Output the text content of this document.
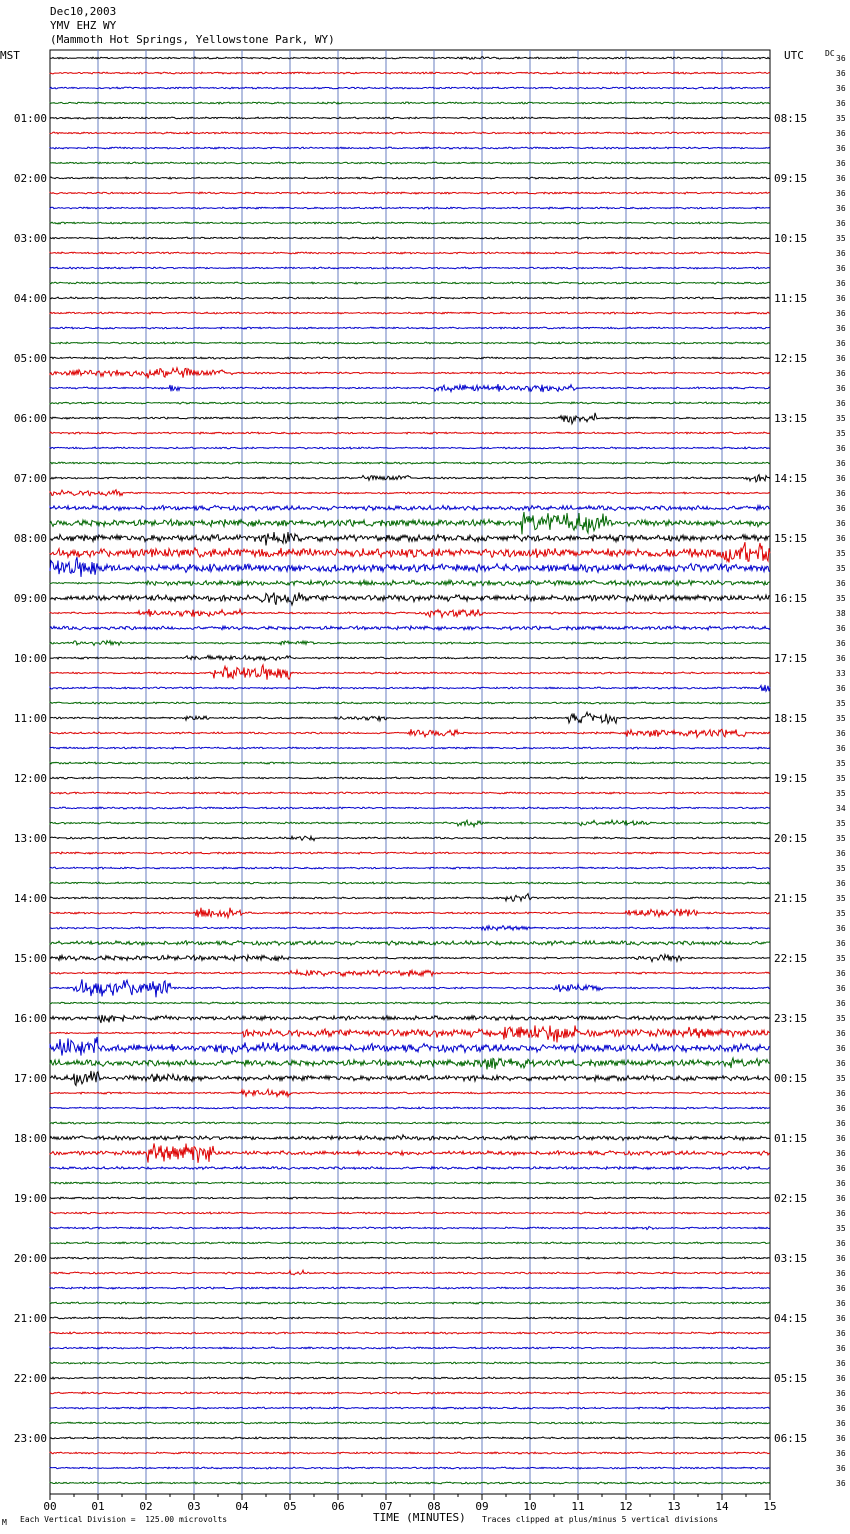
Dec10,2003
YMV EHZ WY
(Mammoth Hot Springs, Yellowstone Park, WY)
MST	UTC	DC
00	01	02	03	04	05	06	07	08	09	10	11	12	13	14	15
36
36
36
36
35
36
36
36
36
36
36
36
35
36
36
36
36
36
36
36
36
36
36
36
35
35
36
36
36
36
36
36
36
35
35
36
35
38
36
36
36
33
36
35
35
36
36
35
35
35
34
35
35
36
35
36
35
35
36
36
35
36
36
36
35
36
36
36
35
36
36
36
36
36
36
36
36
36
35
36
36
36
36
36
36
36
36
36
36
36
36
36
36
36
36
36
01:00
02:00
03:00
04:00
05:00
06:00
07:00
08:00
09:00
10:00
11:00
12:00
13:00
14:00
15:00
16:00
17:00
18:00
19:00
20:00
21:00
22:00
23:00
08:15
09:15
10:15
11:15
12:15
13:15
14:15
15:15
16:15
17:15
18:15
19:15
20:15
21:15
22:15
23:15
00:15
01:15
02:15
03:15
04:15
05:15
06:15
M Each Vertical Division =  125.00 microvolts	TIME (MINUTES) Traces clipped at plus/minus 5 vertical divisions
